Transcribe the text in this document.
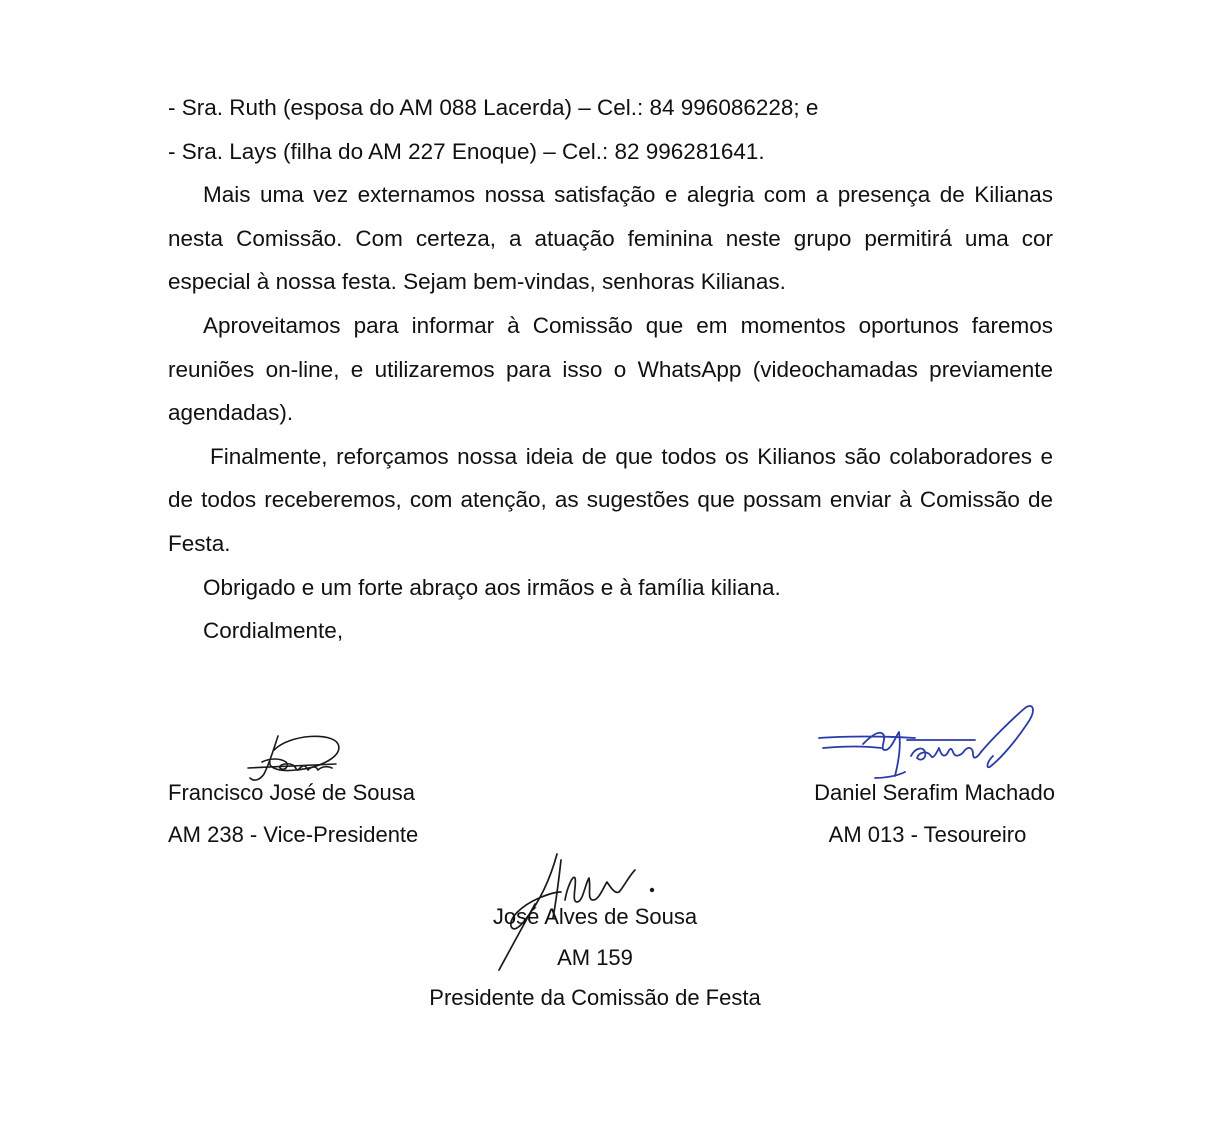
- Sra. Ruth (esposa do AM 088 Lacerda) – Cel.: 84 996086228; e

- Sra. Lays (filha do AM 227 Enoque) – Cel.: 82 996281641.

Mais uma vez externamos nossa satisfação e alegria com a presença de Kilianas nesta Comissão. Com certeza, a atuação feminina neste grupo permitirá uma cor especial à nossa festa. Sejam bem-vindas, senhoras Kilianas.

Aproveitamos para informar à Comissão que em momentos oportunos faremos reuniões on-line, e utilizaremos para isso o WhatsApp (videochamadas previamente agendadas).

Finalmente, reforçamos nossa ideia de que todos os Kilianos são colaboradores e de todos receberemos, com atenção, as sugestões que possam enviar à Comissão de Festa.

Obrigado e um forte abraço aos irmãos e à família kiliana.

Cordialmente,

Francisco José de Sousa
AM 238 - Vice-Presidente
Daniel Serafim Machado
AM 013 - Tesoureiro
José Alves de Sousa
AM 159
Presidente da Comissão de Festa
